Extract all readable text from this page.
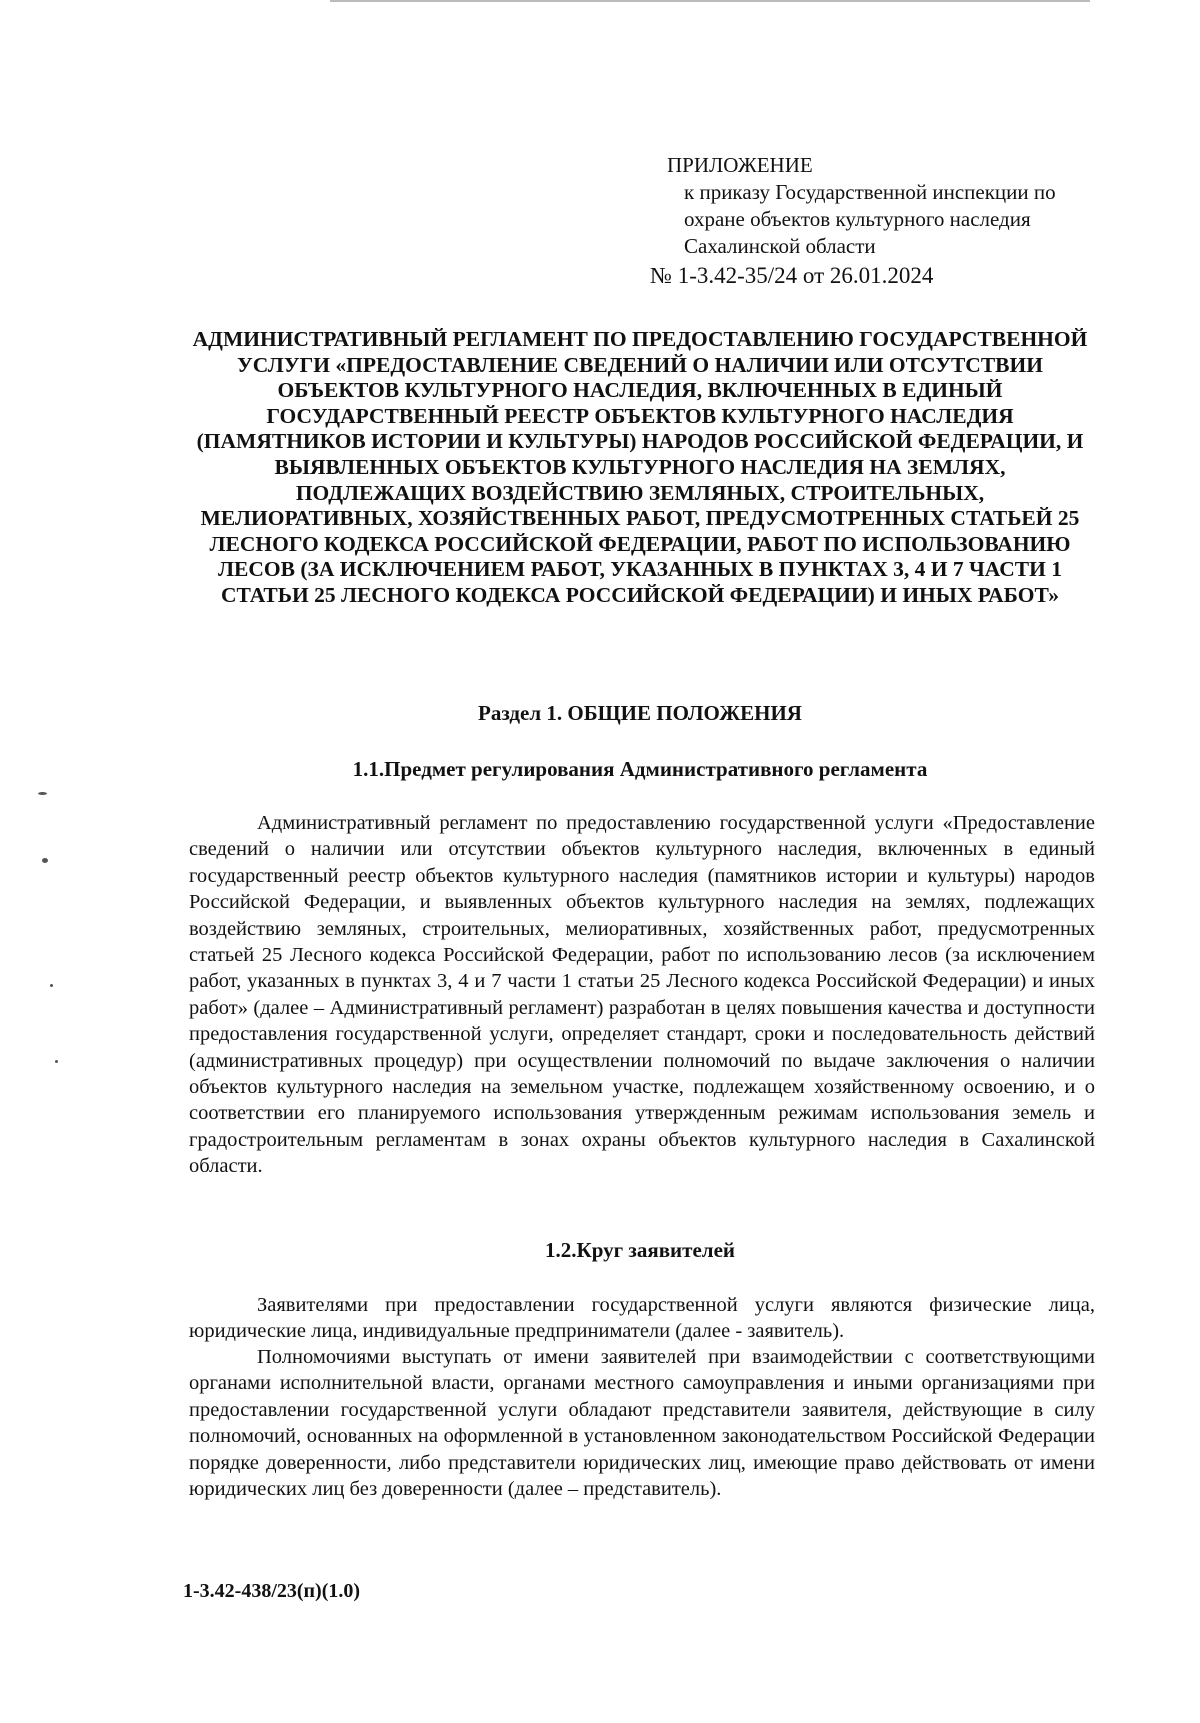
ПРИЛОЖЕНИЕ
к приказу Государственной инспекции по
охране объектов культурного наследия
Сахалинской области
№ 1-3.42-35/24 от 26.01.2024
АДМИНИСТРАТИВНЫЙ РЕГЛАМЕНТ ПО ПРЕДОСТАВЛЕНИЮ ГОСУДАРСТВЕННОЙ УСЛУГИ «ПРЕДОСТАВЛЕНИЕ СВЕДЕНИЙ О НАЛИЧИИ ИЛИ ОТСУТСТВИИ ОБЪЕКТОВ КУЛЬТУРНОГО НАСЛЕДИЯ, ВКЛЮЧЕННЫХ В ЕДИНЫЙ ГОСУДАРСТВЕННЫЙ РЕЕСТР ОБЪЕКТОВ КУЛЬТУРНОГО НАСЛЕДИЯ (ПАМЯТНИКОВ ИСТОРИИ И КУЛЬТУРЫ) НАРОДОВ РОССИЙСКОЙ ФЕДЕРАЦИИ, И ВЫЯВЛЕННЫХ ОБЪЕКТОВ КУЛЬТУРНОГО НАСЛЕДИЯ НА ЗЕМЛЯХ, ПОДЛЕЖАЩИХ ВОЗДЕЙСТВИЮ ЗЕМЛЯНЫХ, СТРОИТЕЛЬНЫХ, МЕЛИОРАТИВНЫХ, ХОЗЯЙСТВЕННЫХ РАБОТ, ПРЕДУСМОТРЕННЫХ СТАТЬЕЙ 25 ЛЕСНОГО КОДЕКСА РОССИЙСКОЙ ФЕДЕРАЦИИ, РАБОТ ПО ИСПОЛЬЗОВАНИЮ ЛЕСОВ (ЗА ИСКЛЮЧЕНИЕМ РАБОТ, УКАЗАННЫХ В ПУНКТАХ 3, 4 И 7 ЧАСТИ 1 СТАТЬИ 25 ЛЕСНОГО КОДЕКСА РОССИЙСКОЙ ФЕДЕРАЦИИ) И ИНЫХ РАБОТ»
Раздел 1. ОБЩИЕ ПОЛОЖЕНИЯ
1.1.Предмет регулирования Административного регламента

Административный регламент по предоставлению государственной услуги «Предоставление сведений о наличии или отсутствии объектов культурного наследия, включенных в единый государственный реестр объектов культурного наследия (памятников истории и культуры) народов Российской Федерации, и выявленных объектов культурного наследия на землях, подлежащих воздействию земляных, строительных, мелиоративных, хозяйственных работ, предусмотренных статьей 25 Лесного кодекса Российской Федерации, работ по использованию лесов (за исключением работ, указанных в пунктах 3, 4 и 7 части 1 статьи 25 Лесного кодекса Российской Федерации) и иных работ» (далее – Административный регламент) разработан в целях повышения качества и доступности предоставления государственной услуги, определяет стандарт, сроки и последовательность действий (административных процедур) при осуществлении полномочий по выдаче заключения о наличии объектов культурного наследия на земельном участке, подлежащем хозяйственному освоению, и о соответствии его планируемого использования утвержденным режимам использования земель и градостроительным регламентам в зонах охраны объектов культурного наследия в Сахалинской области.

1.2.Круг заявителей

Заявителями при предоставлении государственной услуги являются физические лица, юридические лица, индивидуальные предприниматели (далее - заявитель).

Полномочиями выступать от имени заявителей при взаимодействии с соответствующими органами исполнительной власти, органами местного самоуправления и иными организациями при предоставлении государственной услуги обладают представители заявителя, действующие в силу полномочий, основанных на оформленной в установленном законодательством Российской Федерации порядке доверенности, либо представители юридических лиц, имеющие право действовать от имени юридических лиц без доверенности (далее – представитель).

1-3.42-438/23(п)(1.0)
